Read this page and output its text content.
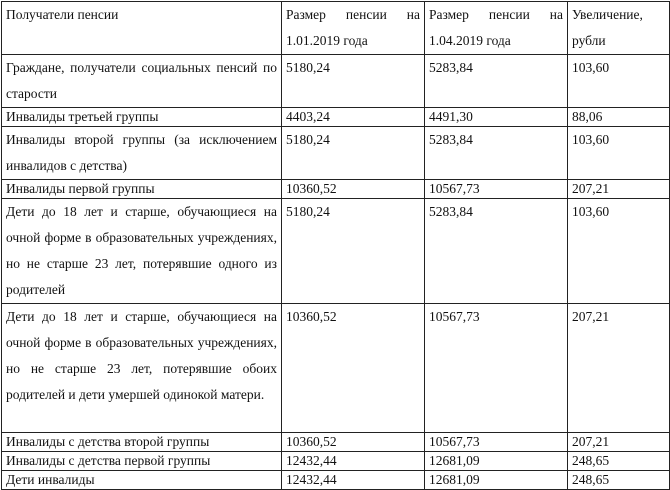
Получатели пенсии	Размер пенсии на 1.01.2019 года	Размер пенсии на 1.04.2019 года	Увеличение, рубли
Граждане, получатели социальных пенсий по старости	5180,24	5283,84	103,60
Инвалиды третьей группы	4403,24	4491,30	88,06
Инвалиды второй группы (за исключением инвалидов с детства)	5180,24	5283,84	103,60
Инвалиды первой группы	10360,52	10567,73	207,21
Дети до 18 лет и старше, обучающиеся на очной форме в образовательных учреждениях, но не старше 23 лет, потерявшие одного из родителей	5180,24	5283,84	103,60
Дети до 18 лет и старше, обучающиеся на очной форме в образовательных учреждениях, но не старше 23 лет, потерявшие обоих родителей и дети умершей одинокой матери.	10360,52	10567,73	207,21
Инвалиды с детства второй группы	10360,52	10567,73	207,21
Инвалиды с детства первой группы	12432,44	12681,09	248,65
Дети инвалиды	12432,44	12681,09	248,65
